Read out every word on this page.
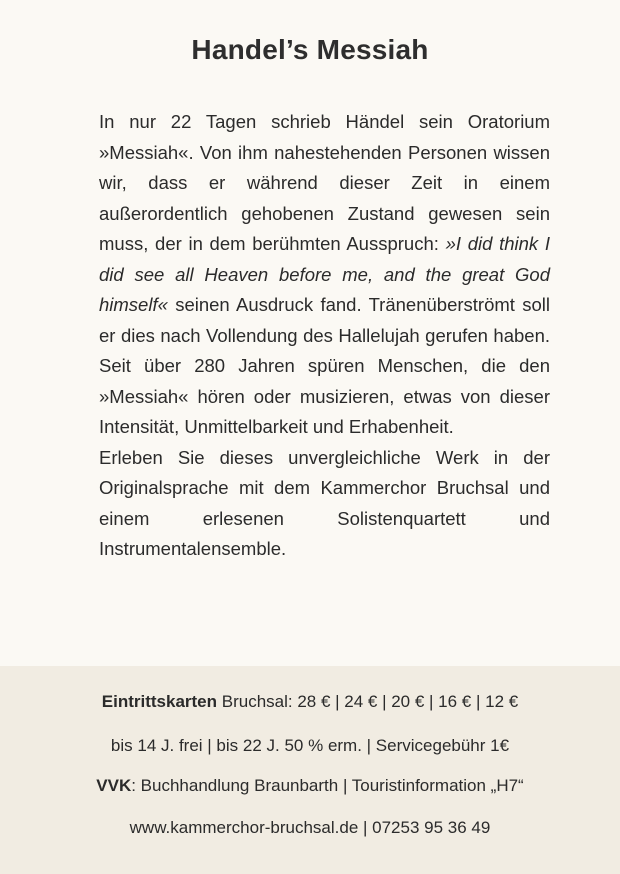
Handel’s Messiah

In nur 22 Tagen schrieb Händel sein Oratorium »Messiah«. Von ihm nahestehenden Personen wissen wir, dass er während dieser Zeit in einem außerordentlich gehobenen Zustand gewesen sein muss, der in dem berühmten Ausspruch: »I did think I did see all Heaven before me, and the great God himself« seinen Ausdruck fand. Tränenüberströmt soll er dies nach Vollendung des Hallelujah gerufen haben. Seit über 280 Jahren spüren Menschen, die den »Messiah« hören oder musizieren, etwas von dieser Intensität, Unmittelbarkeit und Erhabenheit.

Erleben Sie dieses unvergleichliche Werk in der Originalsprache mit dem Kammerchor Bruchsal und einem erlesenen Solistenquartett und Instrumentalensemble.

Eintrittskarten Bruchsal: 28 € | 24 € | 20 € | 16 € | 12 €
bis 14 J. frei | bis 22 J. 50 % erm. | Servicegebühr 1€
VVK: Buchhandlung Braunbarth | Touristinformation „H7“
www.kammerchor-bruchsal.de | 07253 95 36 49
